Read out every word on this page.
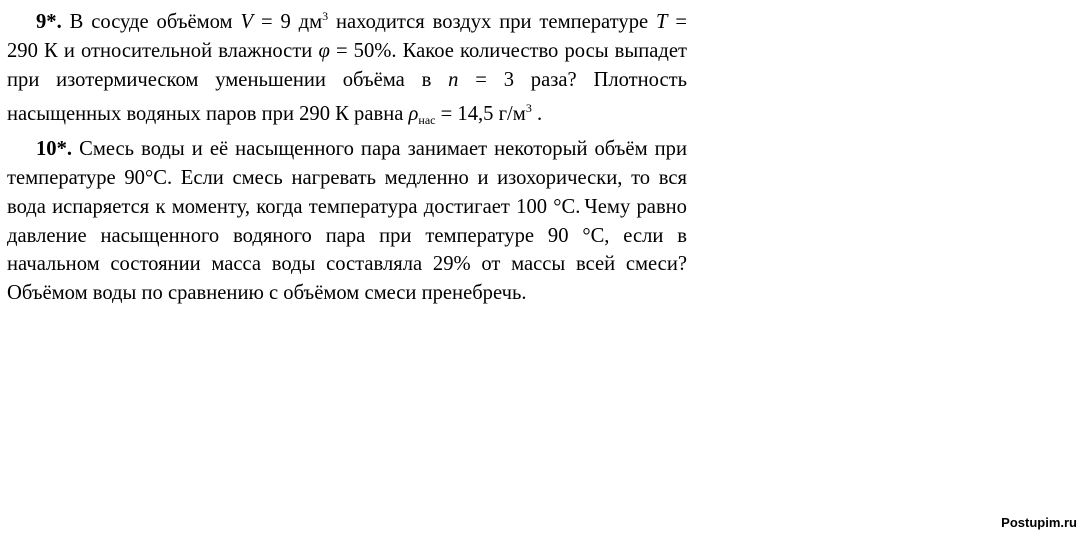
9*. В сосуде объёмом V = 9 $дм^3$ находится воздух при температуре T = 290 К и относительной влажности φ = 50%. Какое количество росы выпадет при изотермическом уменьшении объёма в n = 3 раза? Плотность насыщенных водяных паров при 290 К равна $\rho_{нас} = 14,5$ $г/м^3$ .

10*. Смесь воды и её насыщенного пара занимает некоторый объём при температуре 90°С. Если смесь нагревать медленно и изохорически, то вся вода испаряется к моменту, когда температура достигает 100 °С. Чему равно давление насыщенного водяного пара при температуре 90 °С, если в начальном состоянии масса воды составляла 29% от массы всей смеси? Объёмом воды по сравнению с объёмом смеси пренебречь.

Postupim.ru
